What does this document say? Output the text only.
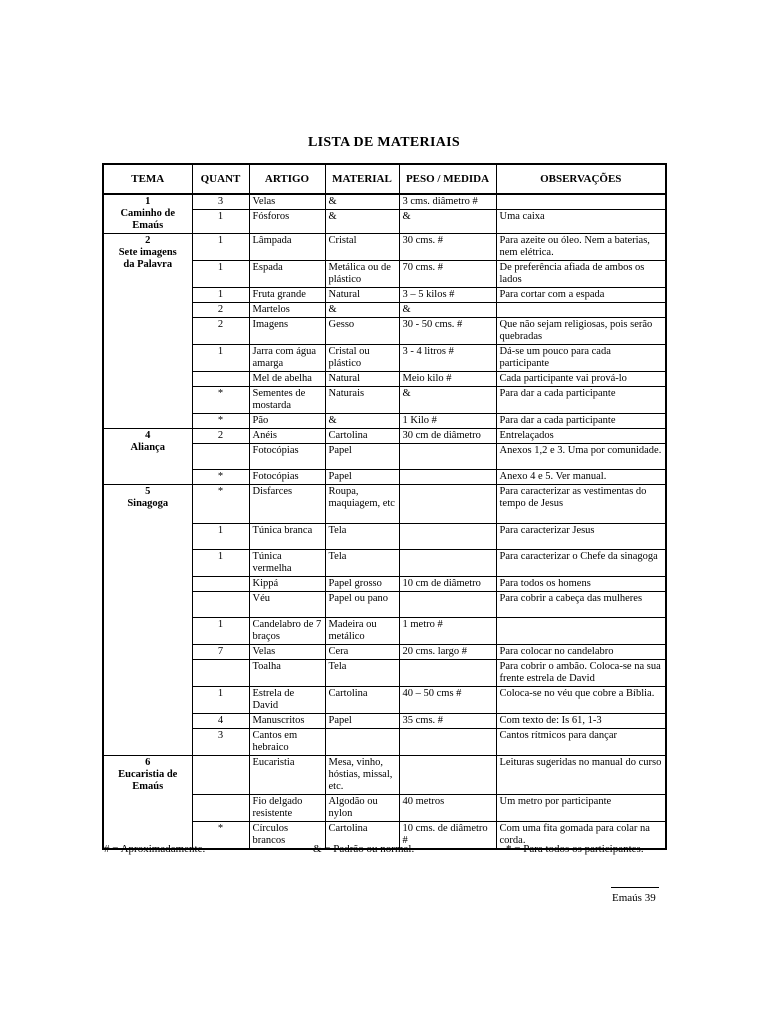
LISTA DE MATERIAIS
TEMA	QUANT	ARTIGO	MATERIAL	PESO / MEDIDA	OBSERVAÇÕES
1
Caminho de
Emaús	3	Velas	&	3 cms. diâmetro #	
	1	Fósforos	&	&	Uma caixa
2
Sete imagens
da Palavra	1	Lâmpada	Cristal	30 cms. #	Para azeite ou óleo. Nem a baterias, nem elétrica.
	1	Espada	Metálica ou de plástico	70 cms. #	De preferência afiada de ambos os lados
	1	Fruta grande	Natural	3 – 5 kilos #	Para cortar com a espada
	2	Martelos	&	&	
	2	Imagens	Gesso	30 - 50 cms. #	Que não sejam religiosas, pois serão quebradas
	1	Jarra com água amarga	Cristal ou plástico	3 - 4 litros #	Dá-se um pouco para cada participante
		Mel de abelha	Natural	Meio kilo #	Cada participante vai prová-lo
	*	Sementes de mostarda	Naturais	&	Para dar a cada participante
	*	Pão	&	1 Kilo #	Para dar a cada participante
4
Aliança	2	Anéis	Cartolina	30 cm de diâmetro	Entrelaçados
		Fotocópias	Papel		Anexos 1,2 e 3. Uma por comunidade.
	*	Fotocópias	Papel		Anexo 4 e 5. Ver manual.
5
Sinagoga	*	Disfarces	Roupa, maquiagem, etc		Para caracterizar as vestimentas do tempo de Jesus
	1	Túnica branca	Tela		Para caracterizar Jesus
	1	Túnica vermelha	Tela		Para caracterizar o Chefe da sinagoga
		Kippá	Papel grosso	10 cm de diâmetro	Para todos os homens
		Véu	Papel ou pano		Para cobrir a cabeça das mulheres
	1	Candelabro de 7 braços	Madeira ou metálico	1 metro #	
	7	Velas	Cera	20 cms. largo #	Para colocar no candelabro
		Toalha	Tela		Para cobrir o ambão. Coloca-se na sua frente estrela de David
	1	Estrela de David	Cartolina	40 – 50 cms #	Coloca-se no véu que cobre a Bíblia.
	4	Manuscritos	Papel	35 cms. #	Com texto de: Is 61, 1-3
	3	Cantos em hebraico			Cantos rítmicos para dançar
6
Eucaristia de
Emaús		Eucaristia	Mesa, vinho, hóstias, missal, etc.		Leituras sugeridas no manual do curso
		Fio delgado resistente	Algodão ou nylon	40 metros	Um metro por participante
	*	Círculos brancos	Cartolina	10 cms. de diâmetro #	Com uma fita gomada para colar na corda.
# = Aproximadamente.	& = Padrão ou normal.	* = Para todos os participantes.
Emaús 39
